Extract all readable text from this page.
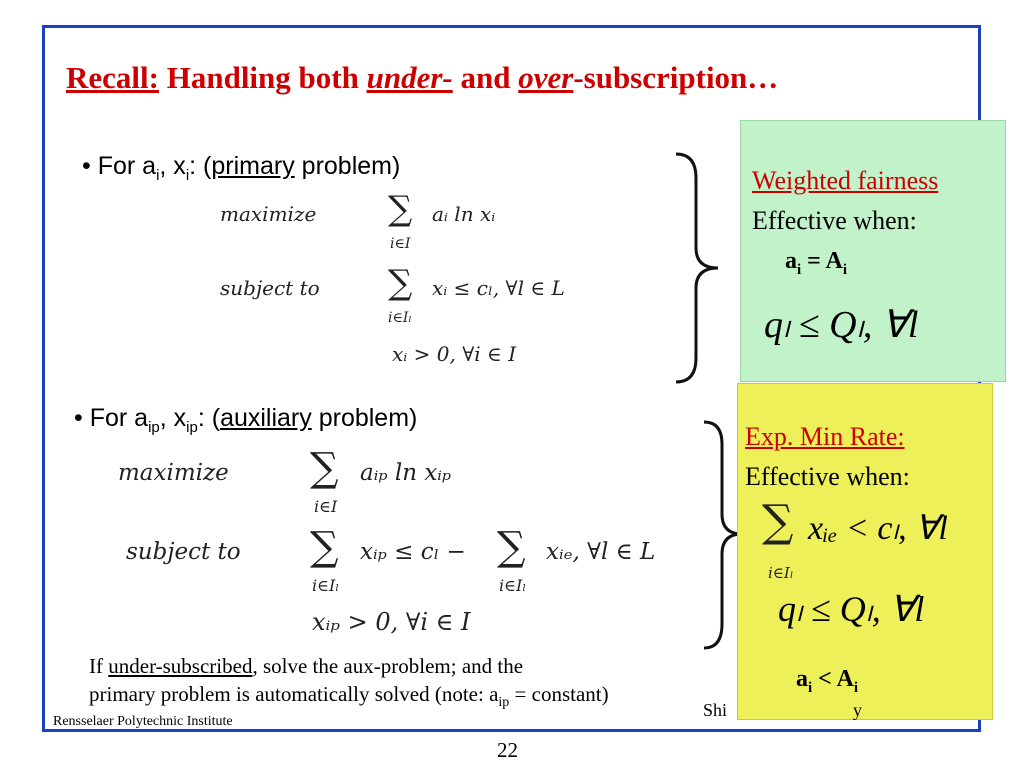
Recall: Handling both under- and over-subscription…
• For $a_i$, $x_i$: (primary problem)
maximize ∑ aᵢ ln xᵢ
i∈I
subject to ∑ xᵢ ≤ cₗ, ∀l ∈ L
i∈Iₗ
xᵢ > 0, ∀i ∈ I
• For $a_{ip}$, $x_{ip}$: (auxiliary problem)
maximize ∑ aᵢₚ ln xᵢₚ
i∈I
subject to ∑ xᵢₚ ≤ cₗ −
i∈Iₗ
∑ xᵢₑ, ∀l ∈ L
i∈Iₗ
xᵢₚ > 0, ∀i ∈ I
Weighted fairness
Effective when:
$a_i = A_i$
qₗ ≤ Qₗ, ∀l
Exp. Min Rate:
Effective when:
∑ xᵢₑ < cₗ, ∀l
i∈Iₗ
qₗ ≤ Qₗ, ∀l
$a_i < A_i$
Shi	y
If under-subscribed, solve the aux-problem; and the
primary problem is automatically solved (note: $a_{ip}$ = constant)
Rensselaer Polytechnic Institute
22
